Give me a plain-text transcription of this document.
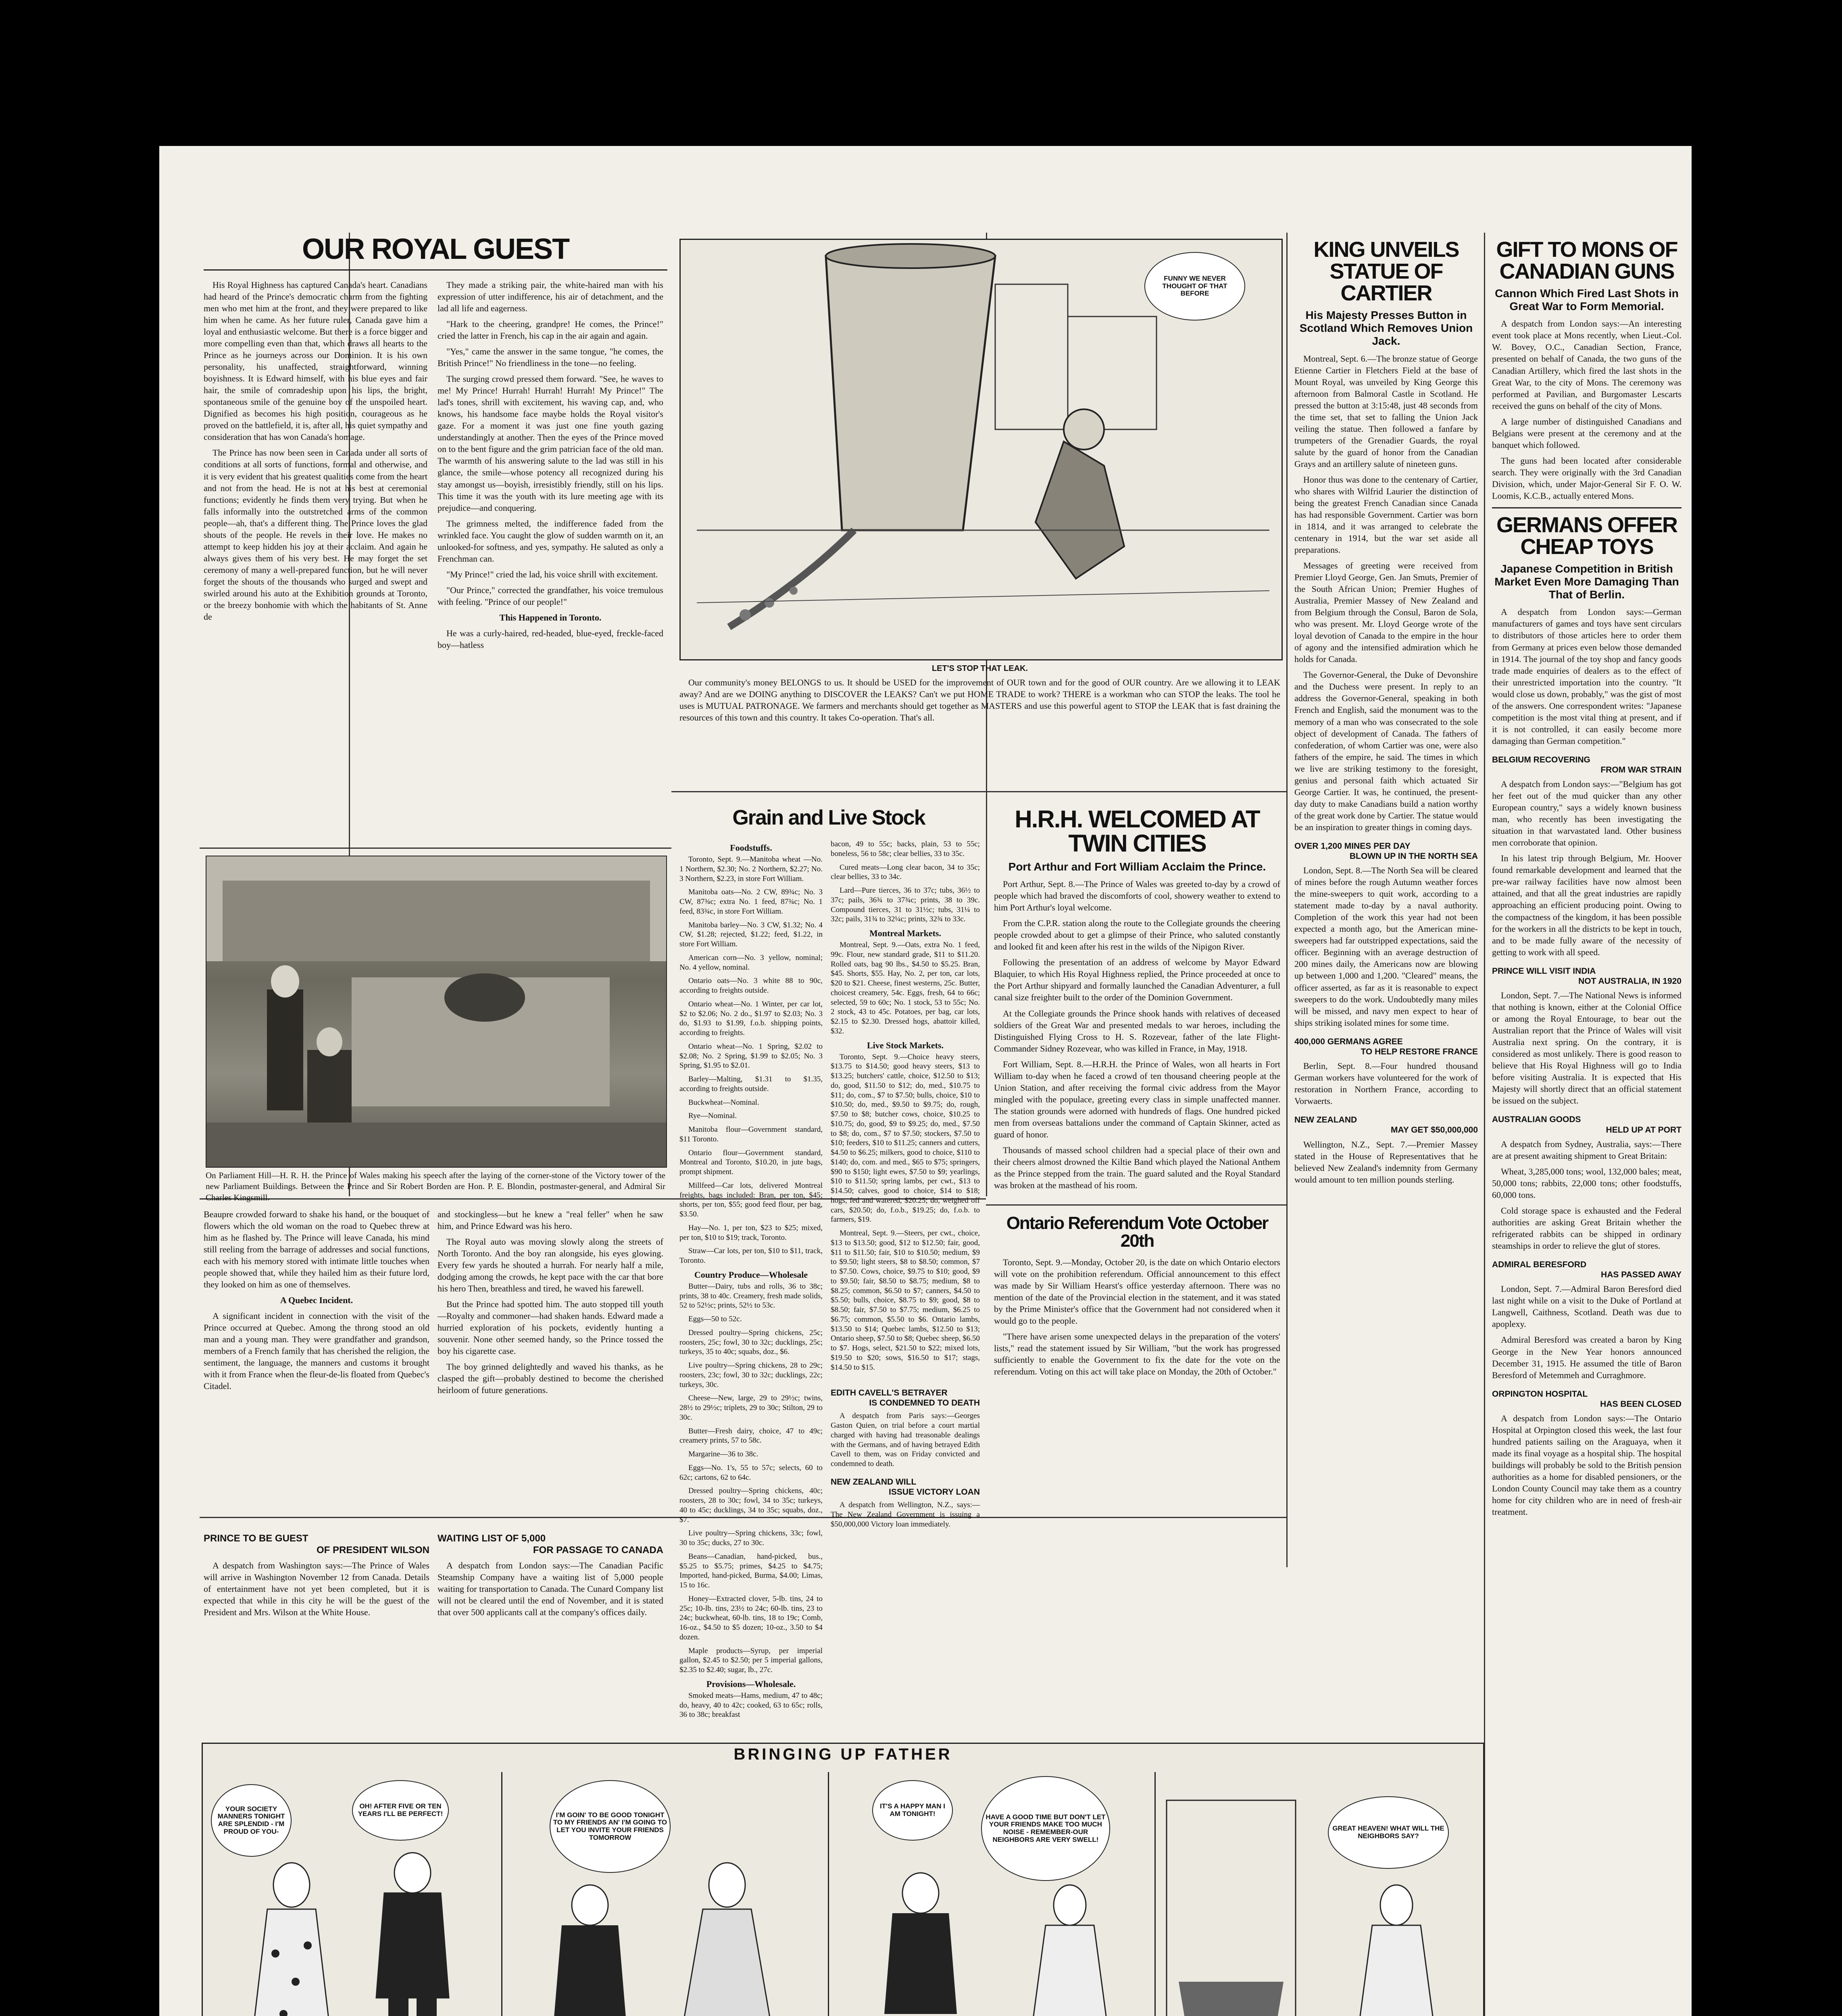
OUR ROYAL GUEST

His Royal Highness has captured Canada's heart. Canadians had heard of the Prince's democratic charm from the fighting men who met him at the front, and they were prepared to like him when he came. As her future ruler, Canada gave him a loyal and enthusiastic welcome. But there is a force bigger and more compelling even than that, which draws all hearts to the Prince as he journeys across our Dominion. It is his own personality, his unaffected, straightforward, winning boyishness. It is Edward himself, with his blue eyes and fair hair, the smile of comradeship upon his lips, the bright, spontaneous smile of the genuine boy of the unspoiled heart. Dignified as becomes his high position, courageous as he proved on the battlefield, it is, after all, his quiet sympathy and consideration that has won Canada's homage.

The Prince has now been seen in Canada under all sorts of conditions at all sorts of functions, formal and otherwise, and it is very evident that his greatest qualities come from the heart and not from the head. He is not at his best at ceremonial functions; evidently he finds them very trying. But when he falls informally into the outstretched arms of the common people—ah, that's a different thing. The Prince loves the glad shouts of the people. He revels in their love. He makes no attempt to keep hidden his joy at their acclaim. And again he always gives them of his very best. He may forget the set ceremony of many a well-prepared function, but he will never forget the shouts of the thousands who surged and swept and swirled around his auto at the Exhibition grounds at Toronto, or the breezy bonhomie with which the habitants of St. Anne de

They made a striking pair, the white-haired man with his expression of utter indifference, his air of detachment, and the lad all life and eagerness.

"Hark to the cheering, grandpre! He comes, the Prince!" cried the latter in French, his cap in the air again and again.

"Yes," came the answer in the same tongue, "he comes, the British Prince!" No friendliness in the tone—no feeling.

The surging crowd pressed them forward. "See, he waves to me! My Prince! Hurrah! Hurrah! Hurrah! My Prince!" The lad's tones, shrill with excitement, his waving cap, and, who knows, his handsome face maybe holds the Royal visitor's gaze. For a moment it was just one fine youth gazing understandingly at another. Then the eyes of the Prince moved on to the bent figure and the grim patrician face of the old man. The warmth of his answering salute to the lad was still in his glance, the smile—whose potency all recognized during his stay amongst us—boyish, irresistibly friendly, still on his lips. This time it was the youth with its lure meeting age with its prejudice—and conquering.

The grimness melted, the indifference faded from the wrinkled face. You caught the glow of sudden warmth on it, an unlooked-for softness, and yes, sympathy. He saluted as only a Frenchman can.

"My Prince!" cried the lad, his voice shrill with excitement.

"Our Prince," corrected the grandfather, his voice tremulous with feeling. "Prince of our people!"

This Happened in Toronto.

He was a curly-haired, red-headed, blue-eyed, freckle-faced boy—hatless

On Parliament Hill—H. R. H. the Prince of Wales making his speech after the laying of the corner-stone of the Victory tower of the new Parliament Buildings. Between the Prince and Sir Robert Borden are Hon. P. E. Blondin, postmaster-general, and Admiral Sir Charles Kingsmill.

Beaupre crowded forward to shake his hand, or the bouquet of flowers which the old woman on the road to Quebec threw at him as he flashed by. The Prince will leave Canada, his mind still reeling from the barrage of addresses and social functions, each with his memory stored with intimate little touches when people showed that, while they hailed him as their future lord, they looked on him as one of themselves.

A Quebec Incident.

A significant incident in connection with the visit of the Prince occurred at Quebec. Among the throng stood an old man and a young man. They were grandfather and grandson, members of a French family that has cherished the religion, the sentiment, the language, the manners and customs it brought with it from France when the fleur-de-lis floated from Quebec's Citadel.

and stockingless—but he knew a "real feller" when he saw him, and Prince Edward was his hero.

The Royal auto was moving slowly along the streets of North Toronto. And the boy ran alongside, his eyes glowing. Every few yards he shouted a hurrah. For nearly half a mile, dodging among the crowds, he kept pace with the car that bore his hero Then, breathless and tired, he waved his farewell.

But the Prince had spotted him. The auto stopped till youth—Royalty and commoner—had shaken hands. Edward made a hurried exploration of his pockets, evidently hunting a souvenir. None other seemed handy, so the Prince tossed the boy his cigarette case.

The boy grinned delightedly and waved his thanks, as he clasped the gift—probably destined to become the cherished heirloom of future generations.

PRINCE TO BE GUEST
OF PRESIDENT WILSON

A despatch from Washington says:—The Prince of Wales will arrive in Washington November 12 from Canada. Details of entertainment have not yet been completed, but it is expected that while in this city he will be the guest of the President and Mrs. Wilson at the White House.

WAITING LIST OF 5,000
FOR PASSAGE TO CANADA

A despatch from London says:—The Canadian Pacific Steamship Company have a waiting list of 5,000 people waiting for transportation to Canada. The Cunard Company list will not be cleared until the end of November, and it is stated that over 500 applicants call at the company's offices daily.

FUNNY WE NEVER THOUGHT OF THAT BEFORE
LET'S STOP THAT LEAK.

Our community's money BELONGS to us. It should be USED for the improvement of OUR town and for the good of OUR country. Are we allowing it to LEAK away? And are we DOING anything to DISCOVER the LEAKS? Can't we put HOME TRADE to work? THERE is a workman who can STOP the leaks. The tool he uses is MUTUAL PATRONAGE. We farmers and merchants should get together as MASTERS and use this powerful agent to STOP the LEAK that is fast draining the resources of this town and this country. It takes Co-operation. That's all.

Grain and Live Stock
Foodstuffs.

Toronto, Sept. 9.—Manitoba wheat —No. 1 Northern, $2.30; No. 2 Northern, $2.27; No. 3 Northern, $2.23, in store Fort William.

Manitoba oats—No. 2 CW, 89¾c; No. 3 CW, 87¾c; extra No. 1 feed, 87¾c; No. 1 feed, 83¾c, in store Fort William.

Manitoba barley—No. 3 CW, $1.32; No. 4 CW, $1.28; rejected, $1.22; feed, $1.22, in store Fort William.

American corn—No. 3 yellow, nominal; No. 4 yellow, nominal.

Ontario oats—No. 3 white 88 to 90c, according to freights outside.

Ontario wheat—No. 1 Winter, per car lot, $2 to $2.06; No. 2 do., $1.97 to $2.03; No. 3 do, $1.93 to $1.99, f.o.b. shipping points, according to freights.

Ontario wheat—No. 1 Spring, $2.02 to $2.08; No. 2 Spring, $1.99 to $2.05; No. 3 Spring, $1.95 to $2.01.

Barley—Malting, $1.31 to $1.35, according to freights outside.

Buckwheat—Nominal.

Rye—Nominal.

Manitoba flour—Government standard, $11 Toronto.

Ontario flour—Government standard, Montreal and Toronto, $10.20, in jute bags, prompt shipment.

Millfeed—Car lots, delivered Montreal freights, bags included: Bran, per ton, $45; shorts, per ton, $55; good feed flour, per bag, $3.50.

Hay—No. 1, per ton, $23 to $25; mixed, per ton, $10 to $19; track, Toronto.

Straw—Car lots, per ton, $10 to $11, track, Toronto.

Country Produce—Wholesale

Butter—Dairy, tubs and rolls, 36 to 38c; prints, 38 to 40c. Creamery, fresh made solids, 52 to 52½c; prints, 52½ to 53c.

Eggs—50 to 52c.

Dressed poultry—Spring chickens, 25c; roosters, 25c; fowl, 30 to 32c; ducklings, 25c; turkeys, 35 to 40c; squabs, doz., $6.

Live poultry—Spring chickens, 28 to 29c; roosters, 23c; fowl, 30 to 32c; ducklings, 22c; turkeys, 30c.

Cheese—New, large, 29 to 29½c; twins, 28½ to 29½c; triplets, 29 to 30c; Stilton, 29 to 30c.

Butter—Fresh dairy, choice, 47 to 49c; creamery prints, 57 to 58c.

Margarine—36 to 38c.

Eggs—No. 1's, 55 to 57c; selects, 60 to 62c; cartons, 62 to 64c.

Dressed poultry—Spring chickens, 40c; roosters, 28 to 30c; fowl, 34 to 35c; turkeys, 40 to 45c; ducklings, 34 to 35c; squabs, doz., $7.

Live poultry—Spring chickens, 33c; fowl, 30 to 35c; ducks, 27 to 30c.

Beans—Canadian, hand-picked, bus., $5.25 to $5.75; primes, $4.25 to $4.75; Imported, hand-picked, Burma, $4.00; Limas, 15 to 16c.

Honey—Extracted clover, 5-lb. tins, 24 to 25c; 10-lb. tins, 23½ to 24c; 60-lb. tins, 23 to 24c; buckwheat, 60-lb. tins, 18 to 19c; Comb, 16-oz., $4.50 to $5 dozen; 10-oz., 3.50 to $4 dozen.

Maple products—Syrup, per imperial gallon, $2.45 to $2.50; per 5 imperial gallons, $2.35 to $2.40; sugar, lb., 27c.

Provisions—Wholesale.

Smoked meats—Hams, medium, 47 to 48c; do, heavy, 40 to 42c; cooked, 63 to 65c; rolls, 36 to 38c; breakfast

bacon, 49 to 55c; backs, plain, 53 to 55c; boneless, 56 to 58c; clear bellies, 33 to 35c.

Cured meats—Long clear bacon, 34 to 35c; clear bellies, 33 to 34c.

Lard—Pure tierces, 36 to 37c; tubs, 36½ to 37c; pails, 36¾ to 37¾c; prints, 38 to 39c. Compound tierces, 31 to 31½c; tubs, 31¼ to 32c; pails, 31¾ to 32¼c; prints, 32¾ to 33c.

Montreal Markets.

Montreal, Sept. 9.—Oats, extra No. 1 feed, 99c. Flour, new standard grade, $11 to $11.20. Rolled oats, bag 90 lbs., $4.50 to $5.25. Bran, $45. Shorts, $55. Hay, No. 2, per ton, car lots, $20 to $21. Cheese, finest westerns, 25c. Butter, choicest creamery, 54c. Eggs, fresh, 64 to 66c; selected, 59 to 60c; No. 1 stock, 53 to 55c; No. 2 stock, 43 to 45c. Potatoes, per bag, car lots, $2.15 to $2.30. Dressed hogs, abattoir killed, $32.

Live Stock Markets.

Toronto, Sept. 9.—Choice heavy steers, $13.75 to $14.50; good heavy steers, $13 to $13.25; butchers' cattle, choice, $12.50 to $13; do, good, $11.50 to $12; do, med., $10.75 to $11; do, com., $7 to $7.50; bulls, choice, $10 to $10.50; do, med., $9.50 to $9.75; do, rough, $7.50 to $8; butcher cows, choice, $10.25 to $10.75; do, good, $9 to $9.25; do, med., $7.50 to $8; do, com., $7 to $7.50; stockers, $7.50 to $10; feeders, $10 to $11.25; canners and cutters, $4.50 to $6.25; milkers, good to choice, $110 to $140; do, com. and med., $65 to $75; springers, $90 to $150; light ewes, $7.50 to $9; yearlings, $10 to $11.50; spring lambs, per cwt., $13 to $14.50; calves, good to choice, $14 to $18; hogs, fed and watered, $20.25; do, weighed off cars, $20.50; do, f.o.b., $19.25; do, f.o.b. to farmers, $19.

Montreal, Sept. 9.—Steers, per cwt., choice, $13 to $13.50; good, $12 to $12.50; fair, good, $11 to $11.50; fair, $10 to $10.50; medium, $9 to $9.50; light steers, $8 to $8.50; common, $7 to $7.50. Cows, choice, $9.75 to $10; good, $9 to $9.50; fair, $8.50 to $8.75; medium, $8 to $8.25; common, $6.50 to $7; canners, $4.50 to $5.50; bulls, choice, $8.75 to $9; good, $8 to $8.50; fair, $7.50 to $7.75; medium, $6.25 to $6.75; common, $5.50 to $6. Ontario lambs, $13.50 to $14; Quebec lambs, $12.50 to $13; Ontario sheep, $7.50 to $8; Quebec sheep, $6.50 to $7. Hogs, select, $21.50 to $22; mixed lots, $19.50 to $20; sows, $16.50 to $17; stags, $14.50 to $15.

H.R.H. WELCOMED AT TWIN CITIES
Port Arthur and Fort William Acclaim the Prince.

Port Arthur, Sept. 8.—The Prince of Wales was greeted to-day by a crowd of people which had braved the discomforts of cool, showery weather to extend to him Port Arthur's loyal welcome.

From the C.P.R. station along the route to the Collegiate grounds the cheering people crowded about to get a glimpse of their Prince, who saluted constantly and looked fit and keen after his rest in the wilds of the Nipigon River.

Following the presentation of an address of welcome by Mayor Edward Blaquier, to which His Royal Highness replied, the Prince proceeded at once to the Port Arthur shipyard and formally launched the Canadian Adventurer, a full canal size freighter built to the order of the Dominion Government.

At the Collegiate grounds the Prince shook hands with relatives of deceased soldiers of the Great War and presented medals to war heroes, including the Distinguished Flying Cross to H. S. Rozevear, father of the late Flight-Commander Sidney Rozevear, who was killed in France, in May, 1918.

Fort William, Sept. 8.—H.R.H. the Prince of Wales, won all hearts in Fort William to-day when he faced a crowd of ten thousand cheering people at the Union Station, and after receiving the formal civic address from the Mayor mingled with the populace, greeting every class in simple unaffected manner. The station grounds were adorned with hundreds of flags. One hundred picked men from overseas battalions under the command of Captain Skinner, acted as guard of honor.

Thousands of massed school children had a special place of their own and their cheers almost drowned the Kiltie Band which played the National Anthem as the Prince stepped from the train. The guard saluted and the Royal Standard was broken at the masthead of his room.

EDITH CAVELL'S BETRAYER
IS CONDEMNED TO DEATH

A despatch from Paris says:—Georges Gaston Quien, on trial before a court martial charged with having had treasonable dealings with the Germans, and of having betrayed Edith Cavell to them, was on Friday convicted and condemned to death.

NEW ZEALAND WILL
ISSUE VICTORY LOAN

A despatch from Wellington, N.Z., says:—The New Zealand Government is issuing a $50,000,000 Victory loan immediately.

Ontario Referendum Vote October 20th

Toronto, Sept. 9.—Monday, October 20, is the date on which Ontario electors will vote on the prohibition referendum. Official announcement to this effect was made by Sir William Hearst's office yesterday afternoon. There was no mention of the date of the Provincial election in the statement, and it was stated by the Prime Minister's office that the Government had not considered when it would go to the people.

"There have arisen some unexpected delays in the preparation of the voters' lists," read the statement issued by Sir William, "but the work has progressed sufficiently to enable the Government to fix the date for the vote on the referendum. Voting on this act will take place on Monday, the 20th of October."

KING UNVEILS STATUE OF CARTIER
His Majesty Presses Button in Scotland Which Removes Union Jack.

Montreal, Sept. 6.—The bronze statue of George Etienne Cartier in Fletchers Field at the base of Mount Royal, was unveiled by King George this afternoon from Balmoral Castle in Scotland. He pressed the button at 3:15:48, just 48 seconds from the time set, that set to falling the Union Jack veiling the statue. Then followed a fanfare by trumpeters of the Grenadier Guards, the royal salute by the guard of honor from the Canadian Grays and an artillery salute of nineteen guns.

Honor thus was done to the centenary of Cartier, who shares with Wilfrid Laurier the distinction of being the greatest French Canadian since Canada has had responsible Government. Cartier was born in 1814, and it was arranged to celebrate the centenary in 1914, but the war set aside all preparations.

Messages of greeting were received from Premier Lloyd George, Gen. Jan Smuts, Premier of the South African Union; Premier Hughes of Australia, Premier Massey of New Zealand and from Belgium through the Consul, Baron de Sola, who was present. Mr. Lloyd George wrote of the loyal devotion of Canada to the empire in the hour of agony and the intensified admiration which he holds for Canada.

The Governor-General, the Duke of Devonshire and the Duchess were present. In reply to an address the Governor-General, speaking in both French and English, said the monument was to the memory of a man who was consecrated to the sole object of development of Canada. The fathers of confederation, of whom Cartier was one, were also fathers of the empire, he said. The times in which we live are striking testimony to the foresight, genius and personal faith which actuated Sir George Cartier. It was, he continued, the present-day duty to make Canadians build a nation worthy of the great work done by Cartier. The statue would be an inspiration to greater things in coming days.

OVER 1,200 MINES PER DAY
BLOWN UP IN THE NORTH SEA

London, Sept. 8.—The North Sea will be cleared of mines before the rough Autumn weather forces the mine-sweepers to quit work, according to a statement made to-day by a naval authority. Completion of the work this year had not been expected a month ago, but the American mine-sweepers had far outstripped expectations, said the officer. Beginning with an average destruction of 200 mines daily, the Americans now are blowing up between 1,000 and 1,200. "Cleared" means, the officer asserted, as far as it is reasonable to expect sweepers to do the work. Undoubtedly many miles will be missed, and navy men expect to hear of ships striking isolated mines for some time.

400,000 GERMANS AGREE
TO HELP RESTORE FRANCE

Berlin, Sept. 8.—Four hundred thousand German workers have volunteered for the work of restoration in Northern France, according to Vorwaerts.

NEW ZEALAND
MAY GET $50,000,000

Wellington, N.Z., Sept. 7.—Premier Massey stated in the House of Representatives that he believed New Zealand's indemnity from Germany would amount to ten million pounds sterling.

GIFT TO MONS OF CANADIAN GUNS
Cannon Which Fired Last Shots in Great War to Form Memorial.

A despatch from London says:—An interesting event took place at Mons recently, when Lieut.-Col. W. Bovey, O.C., Canadian Section, France, presented on behalf of Canada, the two guns of the Canadian Artillery, which fired the last shots in the Great War, to the city of Mons. The ceremony was performed at Pavilian, and Burgomaster Lescarts received the guns on behalf of the city of Mons.

A large number of distinguished Canadians and Belgians were present at the ceremony and at the banquet which followed.

The guns had been located after considerable search. They were originally with the 3rd Canadian Division, which, under Major-General Sir F. O. W. Loomis, K.C.B., actually entered Mons.

GERMANS OFFER CHEAP TOYS
Japanese Competition in British Market Even More Damaging Than That of Berlin.

A despatch from London says:—German manufacturers of games and toys have sent circulars to distributors of those articles here to order them from Germany at prices even below those demanded in 1914. The journal of the toy shop and fancy goods trade made enquiries of dealers as to the effect of their unrestricted importation into the country. "It would close us down, probably," was the gist of most of the answers. One correspondent writes: "Japanese competition is the most vital thing at present, and if it is not controlled, it can easily become more damaging than German competition."

BELGIUM RECOVERING
FROM WAR STRAIN

A despatch from London says:—"Belgium has got her feet out of the mud quicker than any other European country," says a widely known business man, who recently has been investigating the situation in that warvastated land. Other business men corroborate that opinion.

In his latest trip through Belgium, Mr. Hoover found remarkable development and learned that the pre-war railway facilities have now almost been attained, and that all the great industries are rapidly approaching an efficient producing point. Owing to the compactness of the kingdom, it has been possible for the workers in all the districts to be kept in touch, and to be made fully aware of the necessity of getting to work with all speed.

PRINCE WILL VISIT INDIA
NOT AUSTRALIA, IN 1920

London, Sept. 7.—The National News is informed that nothing is known, either at the Colonial Office or among the Royal Entourage, to bear out the Australian report that the Prince of Wales will visit Australia next spring. On the contrary, it is considered as most unlikely. There is good reason to believe that His Royal Highness will go to India before visiting Australia. It is expected that His Majesty will shortly direct that an official statement be issued on the subject.

AUSTRALIAN GOODS
HELD UP AT PORT

A despatch from Sydney, Australia, says:—There are at present awaiting shipment to Great Britain:

Wheat, 3,285,000 tons; wool, 132,000 bales; meat, 50,000 tons; rabbits, 22,000 tons; other foodstuffs, 60,000 tons.

Cold storage space is exhausted and the Federal authorities are asking Great Britain whether the refrigerated rabbits can be shipped in ordinary steamships in order to relieve the glut of stores.

ADMIRAL BERESFORD
HAS PASSED AWAY

London, Sept. 7.—Admiral Baron Beresford died last night while on a visit to the Duke of Portland at Langwell, Caithness, Scotland. Death was due to apoplexy.

Admiral Beresford was created a baron by King George in the New Year honors announced December 31, 1915. He assumed the title of Baron Beresford of Metemmeh and Curraghmore.

ORPINGTON HOSPITAL
HAS BEEN CLOSED

A despatch from London says:—The Ontario Hospital at Orpington closed this week, the last four hundred patients sailing on the Araguaya, when it made its final voyage as a hospital ship. The hospital buildings will probably be sold to the British pension authorities as a home for disabled pensioners, or the London County Council may take them as a country home for city children who are in need of fresh-air treatment.

BRINGING UP FATHER
YOUR SOCIETY MANNERS TONIGHT ARE SPLENDID - I'M PROUD OF YOU-
OH! AFTER FIVE OR TEN YEARS I'LL BE PERFECT!	I'M GOIN' TO BE GOOD TONIGHT TO MY FRIENDS AN' I'M GOING TO LET YOU INVITE YOUR FRIENDS TOMORROW
IT'S A HAPPY MAN I AM TONIGHT!	HAVE A GOOD TIME BUT DON'T LET YOUR FRIENDS MAKE TOO MUCH NOISE - REMEMBER-OUR NEIGHBORS ARE VERY SWELL!
GREAT HEAVEN! WHAT WILL THE NEIGHBORS SAY?
